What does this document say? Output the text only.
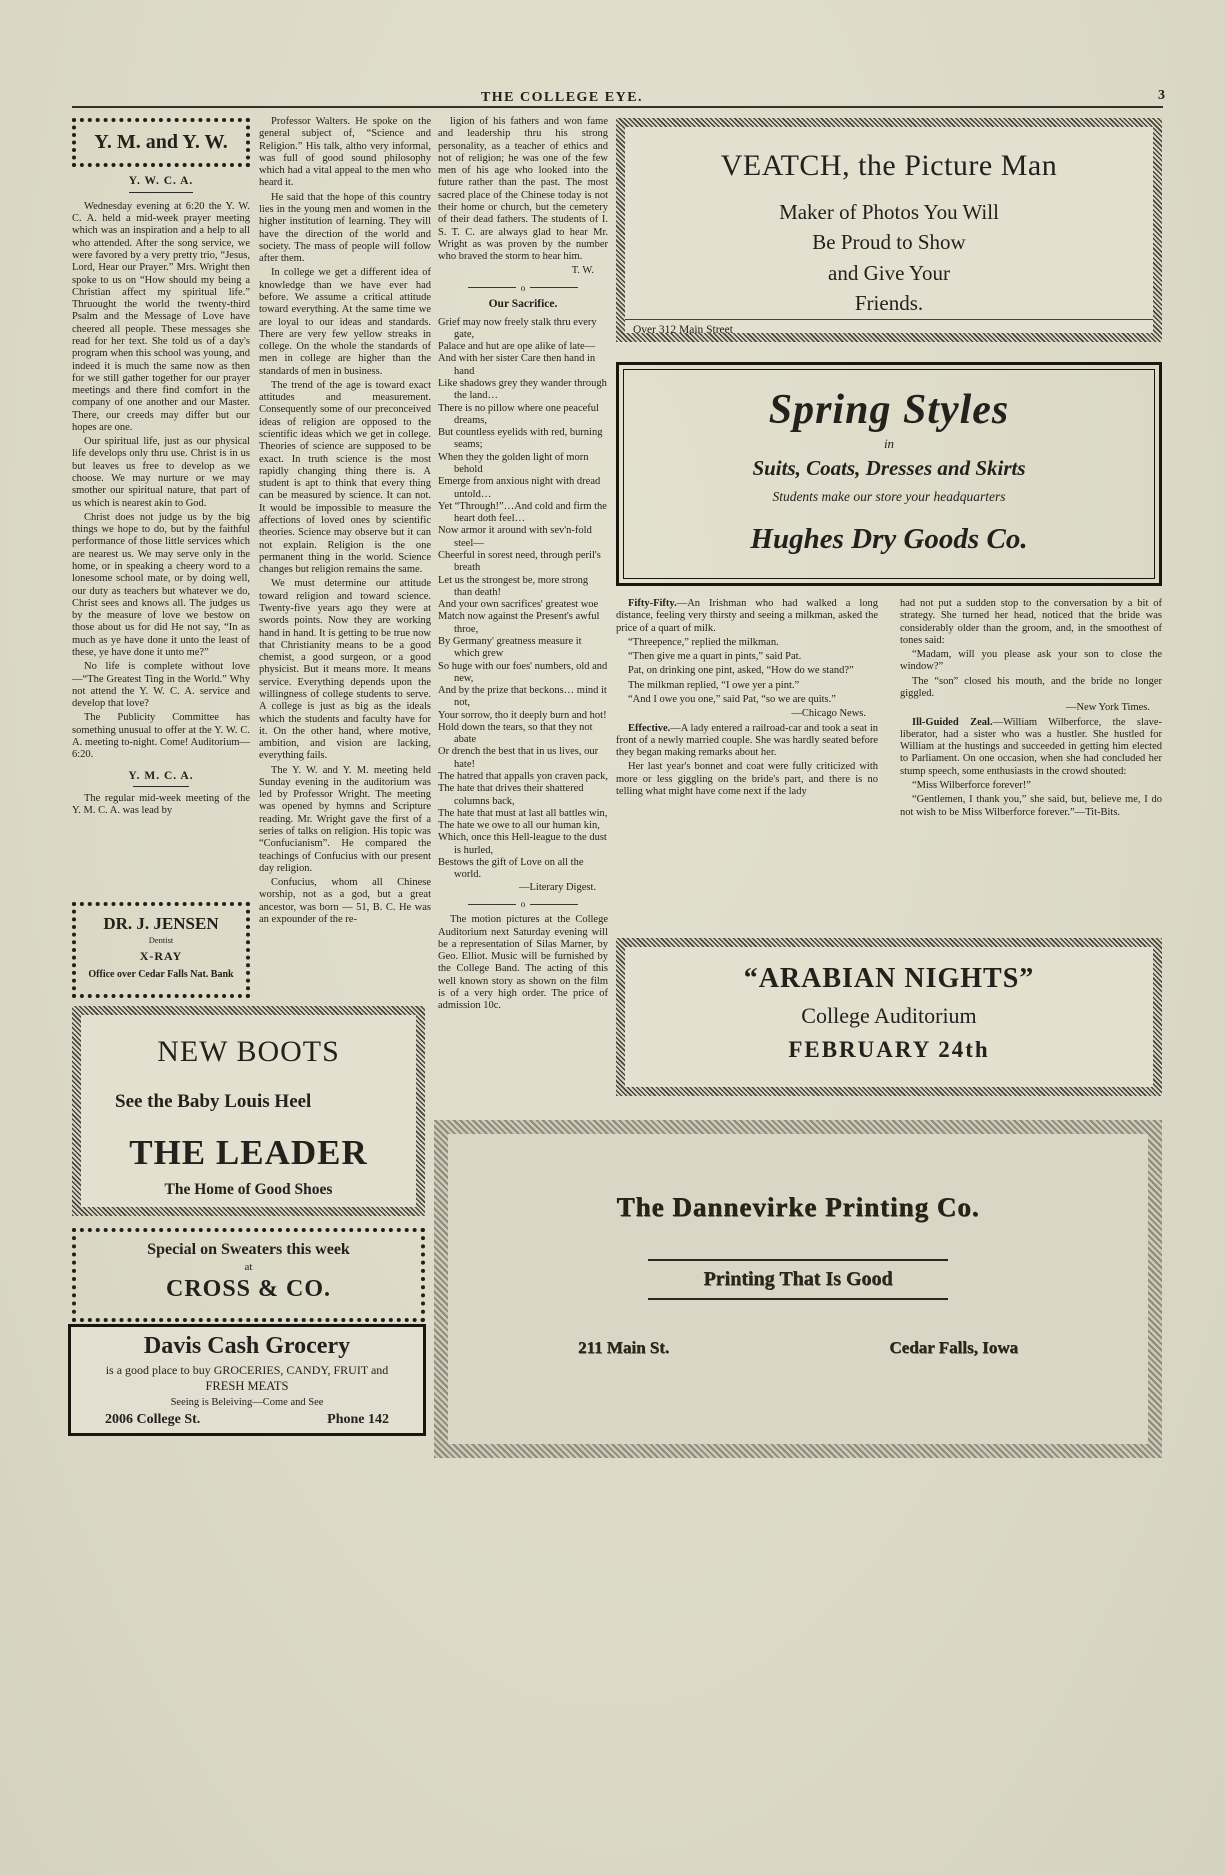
THE COLLEGE EYE.	3
Y. M. and Y. W.
Y. W. C. A.

Wednesday evening at 6:20 the Y. W. C. A. held a mid-week prayer meeting which was an inspiration and a help to all who attended. After the song service, we were favored by a very pretty trio, “Jesus, Lord, Hear our Prayer.” Mrs. Wright then spoke to us on “How should my being a Christian affect my spiritual life.” Thruought the world the twenty-third Psalm and the Message of Love have cheered all people. These messages she read for her text. She told us of a day's program when this school was young, and indeed it is much the same now as then for we still gather together for our prayer meetings and there find comfort in the company of one another and our Master. There, our creeds may differ but our hopes are one.

Our spiritual life, just as our physical life develops only thru use. Christ is in us but leaves us free to develop as we choose. We may nurture or we may smother our spiritual nature, that part of us which is nearest akin to God.

Christ does not judge us by the big things we hope to do, but by the faithful performance of those little services which are nearest us. We may serve only in the home, or in speaking a cheery word to a lonesome school mate, or by doing well, our duty as teachers but whatever we do, Christ sees and knows all. The judges us by the measure of love we bestow on those about us for did He not say, “In as much as ye have done it unto the least of these, ye have done it unto me?”

No life is complete without love—“The Greatest Ting in the World.” Why not attend the Y. W. C. A. service and develop that love?

The Publicity Committee has something unusual to offer at the Y. W. C. A. meeting to-night. Come! Auditorium—6:20.

Y. M. C. A.

The regular mid-week meeting of the Y. M. C. A. was lead by

Professor Walters. He spoke on the general subject of, “Science and Religion.” His talk, altho very informal, was full of good sound philosophy which had a vital appeal to the men who heard it.

He said that the hope of this country lies in the young men and women in the higher institution of learning. They will have the direction of the world and society. The mass of people will follow after them.

In college we get a different idea of knowledge than we have ever had before. We assume a critical attitude toward everything. At the same time we are loyal to our ideas and standards. There are very few yellow streaks in college. On the whole the standards of men in college are higher than the standards of men in business.

The trend of the age is toward exact attitudes and measurement. Consequently some of our preconceived ideas of religion are opposed to the scientific ideas which we get in college. Theories of science are supposed to be exact. In truth science is the most rapidly changing thing there is. A student is apt to think that every thing can be measured by science. It can not. It would be impossible to measure the affections of loved ones by scientific theories. Science may observe but it can not explain. Religion is the one permanent thing in the world. Science changes but religion remains the same.

We must determine our attitude toward religion and toward science. Twenty-five years ago they were at swords points. Now they are working hand in hand. It is getting to be true now that Christianity means to be a good chemist, a good surgeon, or a good physicist. But it means more. It means service. Everything depends upon the willingness of college students to serve. A college is just as big as the ideals which the students and faculty have for it. On the other hand, where motive, ambition, and vision are lacking, everything fails.

The Y. W. and Y. M. meeting held Sunday evening in the auditorium was led by Professor Wright. The meeting was opened by hymns and Scripture reading. Mr. Wright gave the first of a series of talks on religion. His topic was “Confucianism”. He compared the teachings of Confucius with our present day religion.

Confucius, whom all Chinese worship, not as a god, but a great ancestor, was born — 51, B. C. He was an expounder of the re-

ligion of his fathers and won fame and leadership thru his strong personality, as a teacher of ethics and not of religion; he was one of the few men of his age who looked into the future rather than the past. The most sacred place of the Chinese today is not their home or church, but the cemetery of their dead fathers. The students of I. S. T. C. are always glad to hear Mr. Wright as was proven by the number who braved the storm to hear him.

T. W.
o
Our Sacrifice.
Grief may now freely stalk thru every gate,
Palace and hut are ope alike of late—
And with her sister Care then hand in hand
Like shadows grey they wander through the land…
There is no pillow where one peaceful dreams,
But countless eyelids with red, burning seams;
When they the golden light of morn behold
Emerge from anxious night with dread untold…
Yet “Through!”…And cold and firm the heart doth feel…
Now armor it around with sev'n-fold steel—
Cheerful in sorest need, through peril's breath
Let us the strongest be, more strong than death!
And your own sacrifices' greatest woe
Match now against the Present's awful throe,
By Germany' greatness measure it which grew
So huge with our foes' numbers, old and new,
And by the prize that beckons… mind it not,
Your sorrow, tho it deeply burn and hot!
Hold down the tears, so that they not abate
Or drench the best that in us lives, our hate!
The hatred that appalls yon craven pack,
The hate that drives their shattered columns back,
The hate that must at last all battles win,
The hate we owe to all our human kin,
Which, once this Hell-league to the dust is hurled,
Bestows the gift of Love on all the world.

—Literary Digest.

o

The motion pictures at the College Auditorium next Saturday evening will be a representation of Silas Marner, by Geo. Elliot. Music will be furnished by the College Band. The acting of this well known story as shown on the film is of a very high order. The price of admission 10c.

VEATCH, the Picture Man
Maker of Photos You Will
Be Proud to Show
and Give Your
Friends.
Over 312 Main Street
Spring Styles
in
Suits, Coats, Dresses and Skirts
Students make our store your headquarters
Hughes Dry Goods Co.

Fifty-Fifty.—An Irishman who had walked a long distance, feeling very thirsty and seeing a milkman, asked the price of a quart of milk.

“Threepence,” replied the milkman.

“Then give me a quart in pints,” said Pat.

Pat, on drinking one pint, asked, “How do we stand?”

The milkman replied, “I owe yer a pint.”

“And I owe you one,” said Pat, “so we are quits.”

—Chicago News.

Effective.—A lady entered a railroad-car and took a seat in front of a newly married couple. She was hardly seated before they began making remarks about her.

Her last year's bonnet and coat were fully criticized with more or less giggling on the bride's part, and there is no telling what might have come next if the lady

had not put a sudden stop to the conversation by a bit of strategy. She turned her head, noticed that the bride was considerably older than the groom, and, in the smoothest of tones said:

“Madam, will you please ask your son to close the window?”

The “son” closed his mouth, and the bride no longer giggled.

—New York Times.

Ill-Guided Zeal.—William Wilberforce, the slave-liberator, had a sister who was a hustler. She hustled for William at the hustings and succeeded in getting him elected to Parliament. On one occasion, when she had concluded her stump speech, some enthusiasts in the crowd shouted:

“Miss Wilberforce forever!”

“Gentlemen, I thank you,” she said, but, believe me, I do not wish to be Miss Wilberforce forever.”—Tit-Bits.

“ARABIAN NIGHTS”
College Auditorium
FEBRUARY 24th
The Dannevirke Printing Co.
Printing That Is Good
211 Main St.	Cedar Falls, Iowa
DR. J. JENSEN
Dentist
X-RAY
Office over Cedar Falls Nat. Bank
NEW BOOTS
See the Baby Louis Heel
THE LEADER
The Home of Good Shoes
Special on Sweaters this week
at
CROSS & CO.
Davis Cash Grocery
is a good place to buy GROCERIES, CANDY, FRUIT and
FRESH MEATS
Seeing is Beleiving—Come and See
2006 College St.	Phone 142
